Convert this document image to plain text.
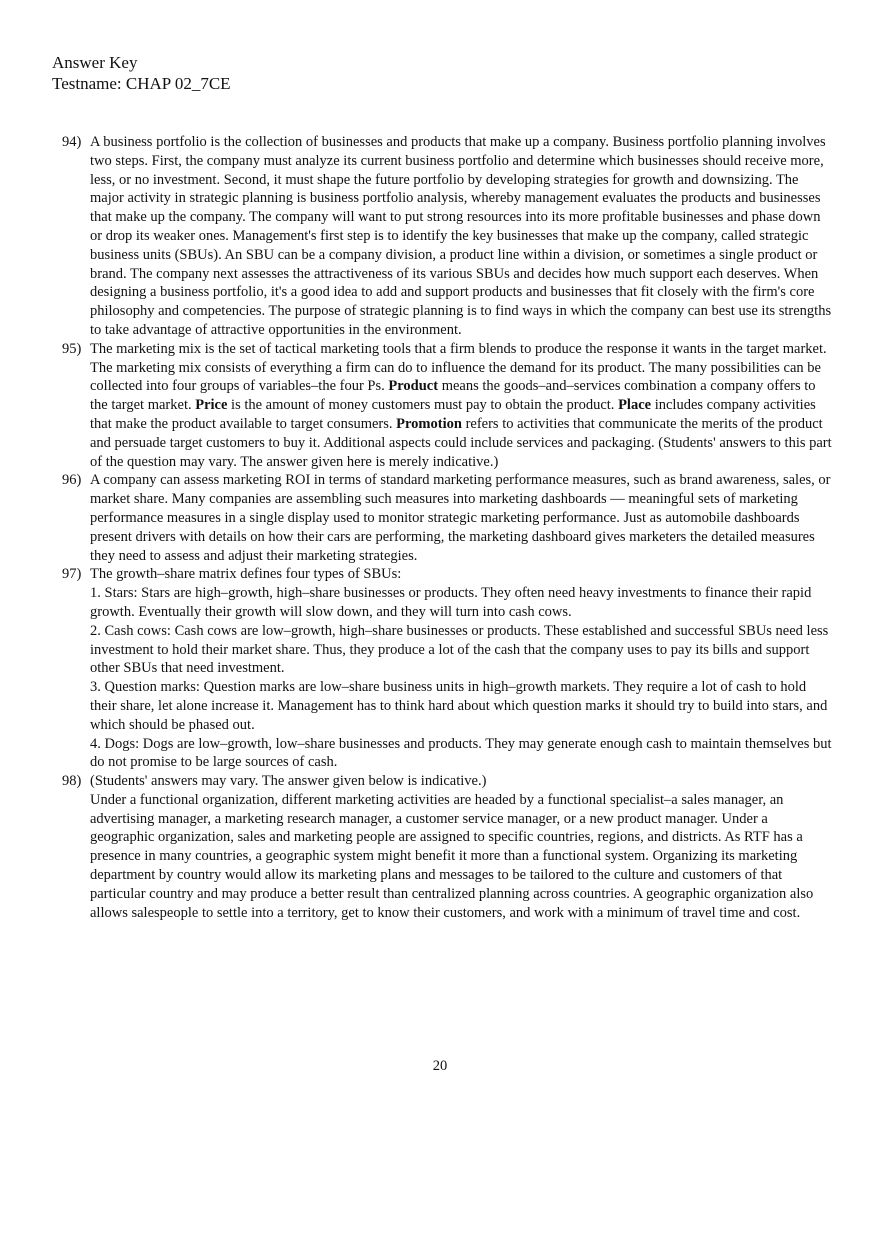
Answer Key
Testname: CHAP 02_7CE
94) A business portfolio is the collection of businesses and products that make up a company. Business portfolio planning involves two steps. First, the company must analyze its current business portfolio and determine which businesses should receive more, less, or no investment. Second, it must shape the future portfolio by developing strategies for growth and downsizing. The major activity in strategic planning is business portfolio analysis, whereby management evaluates the products and businesses that make up the company. The company will want to put strong resources into its more profitable businesses and phase down or drop its weaker ones. Management's first step is to identify the key businesses that make up the company, called strategic business units (SBUs). An SBU can be a company division, a product line within a division, or sometimes a single product or brand. The company next assesses the attractiveness of its various SBUs and decides how much support each deserves. When designing a business portfolio, it's a good idea to add and support products and businesses that fit closely with the firm's core philosophy and competencies. The purpose of strategic planning is to find ways in which the company can best use its strengths to take advantage of attractive opportunities in the environment.

95) The marketing mix is the set of tactical marketing tools that a firm blends to produce the response it wants in the target market. The marketing mix consists of everything a firm can do to influence the demand for its product. The many possibilities can be collected into four groups of variables–the four Ps. Product means the goods–and–services combination a company offers to the target market. Price is the amount of money customers must pay to obtain the product. Place includes company activities that make the product available to target consumers. Promotion refers to activities that communicate the merits of the product and persuade target customers to buy it. Additional aspects could include services and packaging. (Students' answers to this part of the question may vary. The answer given here is merely indicative.)

96) A company can assess marketing ROI in terms of standard marketing performance measures, such as brand awareness, sales, or market share. Many companies are assembling such measures into marketing dashboards — meaningful sets of marketing performance measures in a single display used to monitor strategic marketing performance. Just as automobile dashboards present drivers with details on how their cars are performing, the marketing dashboard gives marketers the detailed measures they need to assess and adjust their marketing strategies.

97) The growth–share matrix defines four types of SBUs:

1. Stars: Stars are high–growth, high–share businesses or products. They often need heavy investments to finance their rapid growth. Eventually their growth will slow down, and they will turn into cash cows.

2. Cash cows: Cash cows are low–growth, high–share businesses or products. These established and successful SBUs need less investment to hold their market share. Thus, they produce a lot of the cash that the company uses to pay its bills and support other SBUs that need investment.

3. Question marks: Question marks are low–share business units in high–growth markets. They require a lot of cash to hold their share, let alone increase it. Management has to think hard about which question marks it should try to build into stars, and which should be phased out.

4. Dogs: Dogs are low–growth, low–share businesses and products. They may generate enough cash to maintain themselves but do not promise to be large sources of cash.

98) (Students' answers may vary. The answer given below is indicative.)

Under a functional organization, different marketing activities are headed by a functional specialist–a sales manager, an advertising manager, a marketing research manager, a customer service manager, or a new product manager. Under a geographic organization, sales and marketing people are assigned to specific countries, regions, and districts. As RTF has a presence in many countries, a geographic system might benefit it more than a functional system. Organizing its marketing department by country would allow its marketing plans and messages to be tailored to the culture and customers of that particular country and may produce a better result than centralized planning across countries. A geographic organization also allows salespeople to settle into a territory, get to know their customers, and work with a minimum of travel time and cost.

20
